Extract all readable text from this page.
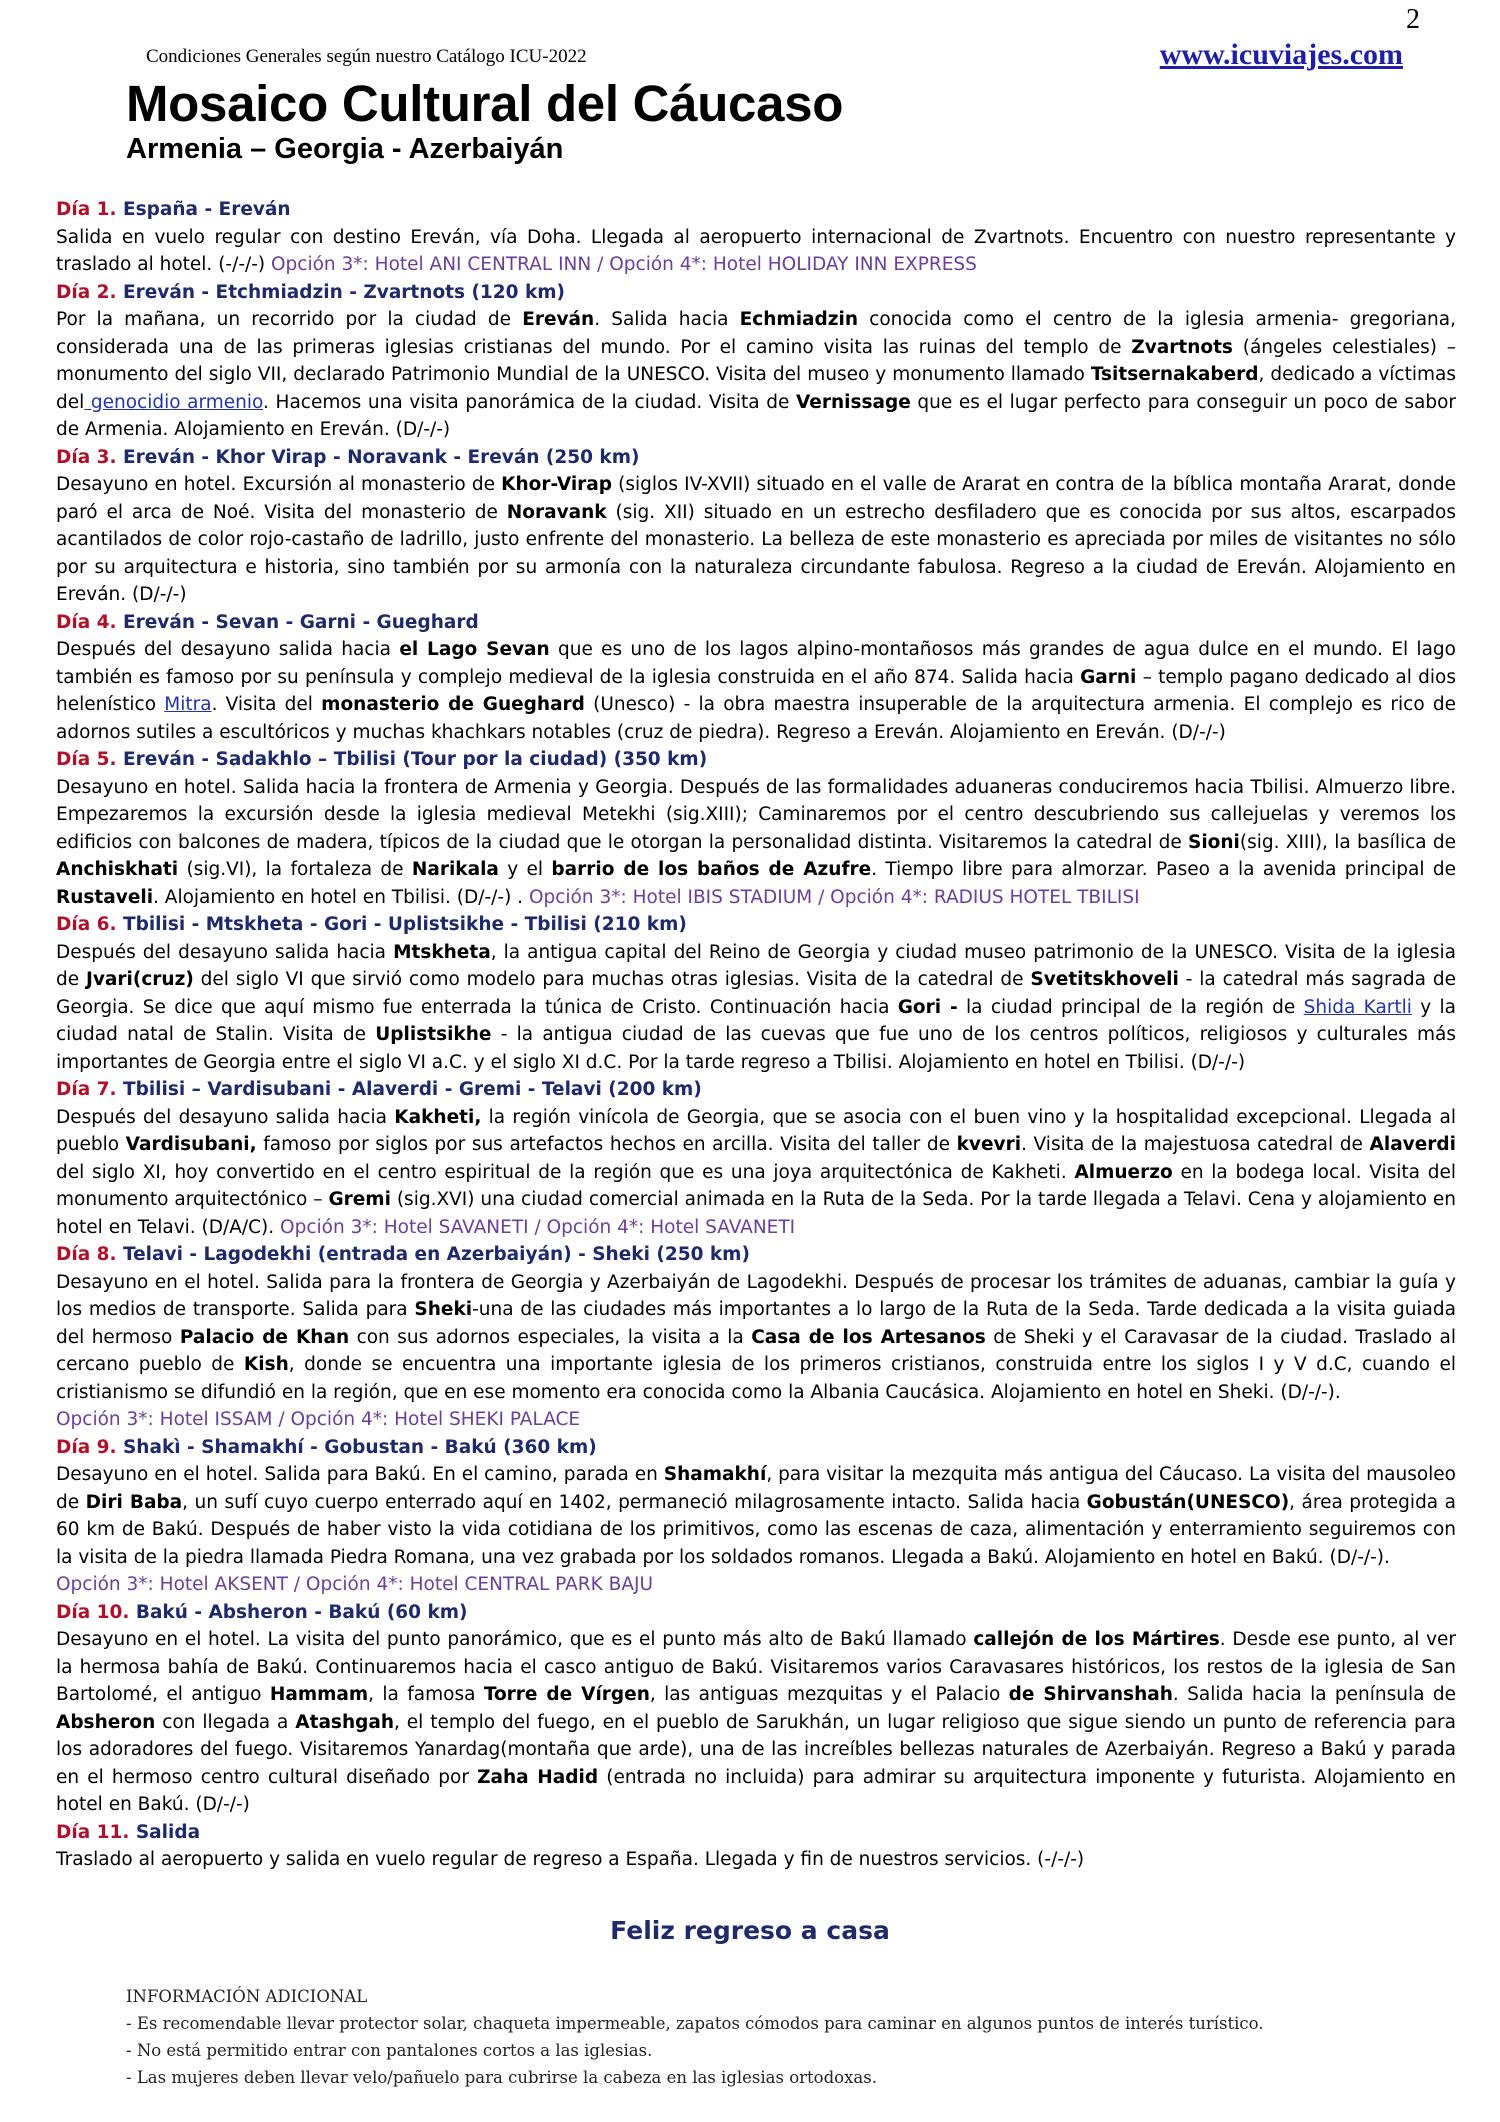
2
Condiciones Generales según nuestro Catálogo ICU-2022	www.icuviajes.com
Mosaico Cultural del Cáucaso
Armenia – Georgia - Azerbaiyán
Día 1. España - Ereván
Salida en vuelo regular con destino Ereván, vía Doha. Llegada al aeropuerto internacional de Zvartnots. Encuentro con nuestro representante y traslado al hotel. (-/-/-) Opción 3*: Hotel ANI CENTRAL INN / Opción 4*: Hotel HOLIDAY INN EXPRESS
Día 2. Ereván - Etchmiadzin - Zvartnots (120 km)
Por la mañana, un recorrido por la ciudad de Ereván. Salida hacia Echmiadzin conocida como el centro de la iglesia armenia- gregoriana, considerada una de las primeras iglesias cristianas del mundo. Por el camino visita las ruinas del templo de Zvartnots (ángeles celestiales) – monumento del siglo VII, declarado Patrimonio Mundial de la UNESCO. Visita del museo y monumento llamado Tsitsernakaberd, dedicado a víctimas del genocidio armenio. Hacemos una visita panorámica de la ciudad. Visita de Vernissage que es el lugar perfecto para conseguir un poco de sabor de Armenia. Alojamiento en Ereván. (D/-/-)
Día 3. Ereván - Khor Virap - Noravank - Ereván (250 km)
Desayuno en hotel. Excursión al monasterio de Khor-Virap (siglos IV-XVII) situado en el valle de Ararat en contra de la bíblica montaña Ararat, donde paró el arca de Noé. Visita del monasterio de Noravank (sig. XII) situado en un estrecho desfiladero que es conocida por sus altos, escarpados acantilados de color rojo-castaño de ladrillo, justo enfrente del monasterio. La belleza de este monasterio es apreciada por miles de visitantes no sólo por su arquitectura e historia, sino también por su armonía con la naturaleza circundante fabulosa. Regreso a la ciudad de Ereván. Alojamiento en Ereván. (D/-/-)
Día 4. Ereván - Sevan - Garni - Gueghard
Después del desayuno salida hacia el Lago Sevan que es uno de los lagos alpino-montañosos más grandes de agua dulce en el mundo. El lago también es famoso por su península y complejo medieval de la iglesia construida en el año 874. Salida hacia Garni – templo pagano dedicado al dios helenístico Mitra. Visita del monasterio de Gueghard (Unesco) - la obra maestra insuperable de la arquitectura armenia. El complejo es rico de adornos sutiles a escultóricos y muchas khachkars notables (cruz de piedra). Regreso a Ereván. Alojamiento en Ereván. (D/-/-)
Día 5. Ereván - Sadakhlo – Tbilisi (Tour por la ciudad) (350 km)
Desayuno en hotel. Salida hacia la frontera de Armenia y Georgia. Después de las formalidades aduaneras conduciremos hacia Tbilisi. Almuerzo libre. Empezaremos la excursión desde la iglesia medieval Metekhi (sig.XIII); Caminaremos por el centro descubriendo sus callejuelas y veremos los edificios con balcones de madera, típicos de la ciudad que le otorgan la personalidad distinta. Visitaremos la catedral de Sioni(sig. XIII), la basílica de Anchiskhati (sig.VI), la fortaleza de Narikala y el barrio de los baños de Azufre. Tiempo libre para almorzar. Paseo a la avenida principal de Rustaveli. Alojamiento en hotel en Tbilisi. (D/-/-) . Opción 3*: Hotel IBIS STADIUM / Opción 4*: RADIUS HOTEL TBILISI
Día 6. Tbilisi - Mtskheta - Gori - Uplistsikhe - Tbilisi (210 km)
Después del desayuno salida hacia Mtskheta, la antigua capital del Reino de Georgia y ciudad museo patrimonio de la UNESCO. Visita de la iglesia de Jvari(cruz) del siglo VI que sirvió como modelo para muchas otras iglesias. Visita de la catedral de Svetitskhoveli - la catedral más sagrada de Georgia. Se dice que aquí mismo fue enterrada la túnica de Cristo. Continuación hacia Gori - la ciudad principal de la región de Shida Kartli y la ciudad natal de Stalin. Visita de Uplistsikhe - la antigua ciudad de las cuevas que fue uno de los centros políticos, religiosos y culturales más importantes de Georgia entre el siglo VI a.C. y el siglo XI d.C. Por la tarde regreso a Tbilisi. Alojamiento en hotel en Tbilisi. (D/-/-)
Día 7. Tbilisi – Vardisubani - Alaverdi - Gremi - Telavi (200 km)
Después del desayuno salida hacia Kakheti, la región vinícola de Georgia, que se asocia con el buen vino y la hospitalidad excepcional. Llegada al pueblo Vardisubani, famoso por siglos por sus artefactos hechos en arcilla. Visita del taller de kvevri. Visita de la majestuosa catedral de Alaverdi del siglo XI, hoy convertido en el centro espiritual de la región que es una joya arquitectónica de Kakheti. Almuerzo en la bodega local. Visita del monumento arquitectónico – Gremi (sig.XVI) una ciudad comercial animada en la Ruta de la Seda. Por la tarde llegada a Telavi. Cena y alojamiento en hotel en Telavi. (D/A/C). Opción 3*: Hotel SAVANETI / Opción 4*: Hotel SAVANETI
Día 8. Telavi - Lagodekhi (entrada en Azerbaiyán) - Sheki (250 km)
Desayuno en el hotel. Salida para la frontera de Georgia y Azerbaiyán de Lagodekhi. Después de procesar los trámites de aduanas, cambiar la guía y los medios de transporte. Salida para Sheki-una de las ciudades más importantes a lo largo de la Ruta de la Seda. Tarde dedicada a la visita guiada del hermoso Palacio de Khan con sus adornos especiales, la visita a la Casa de los Artesanos de Sheki y el Caravasar de la ciudad. Traslado al cercano pueblo de Kish, donde se encuentra una importante iglesia de los primeros cristianos, construida entre los siglos I y V d.C, cuando el cristianismo se difundió en la región, que en ese momento era conocida como la Albania Caucásica. Alojamiento en hotel en Sheki. (D/-/-).
Opción 3*: Hotel ISSAM / Opción 4*: Hotel SHEKI PALACE
Día 9. Shakì - Shamakhí - Gobustan - Bakú (360 km)
Desayuno en el hotel. Salida para Bakú. En el camino, parada en Shamakhí, para visitar la mezquita más antigua del Cáucaso. La visita del mausoleo de Diri Baba, un sufí cuyo cuerpo enterrado aquí en 1402, permaneció milagrosamente intacto. Salida hacia Gobustán(UNESCO), área protegida a 60 km de Bakú. Después de haber visto la vida cotidiana de los primitivos, como las escenas de caza, alimentación y enterramiento seguiremos con la visita de la piedra llamada Piedra Romana, una vez grabada por los soldados romanos. Llegada a Bakú. Alojamiento en hotel en Bakú. (D/-/-).
Opción 3*: Hotel AKSENT / Opción 4*: Hotel CENTRAL PARK BAJU
Día 10. Bakú - Absheron - Bakú (60 km)
Desayuno en el hotel. La visita del punto panorámico, que es el punto más alto de Bakú llamado callejón de los Mártires. Desde ese punto, al ver la hermosa bahía de Bakú. Continuaremos hacia el casco antiguo de Bakú. Visitaremos varios Caravasares históricos, los restos de la iglesia de San Bartolomé, el antiguo Hammam, la famosa Torre de Vírgen, las antiguas mezquitas y el Palacio de Shirvanshah. Salida hacia la península de Absheron con llegada a Atashgah, el templo del fuego, en el pueblo de Sarukhán, un lugar religioso que sigue siendo un punto de referencia para los adoradores del fuego. Visitaremos Yanardag(montaña que arde), una de las increíbles bellezas naturales de Azerbaiyán. Regreso a Bakú y parada en el hermoso centro cultural diseñado por Zaha Hadid (entrada no incluida) para admirar su arquitectura imponente y futurista. Alojamiento en hotel en Bakú. (D/-/-)
Día 11. Salida
Traslado al aeropuerto y salida en vuelo regular de regreso a España. Llegada y fin de nuestros servicios. (-/-/-)
Feliz regreso a casa
INFORMACIÓN ADICIONAL
- Es recomendable llevar protector solar, chaqueta impermeable, zapatos cómodos para caminar en algunos puntos de interés turístico.
- No está permitido entrar con pantalones cortos a las iglesias.
- Las mujeres deben llevar velo/pañuelo para cubrirse la cabeza en las iglesias ortodoxas.
